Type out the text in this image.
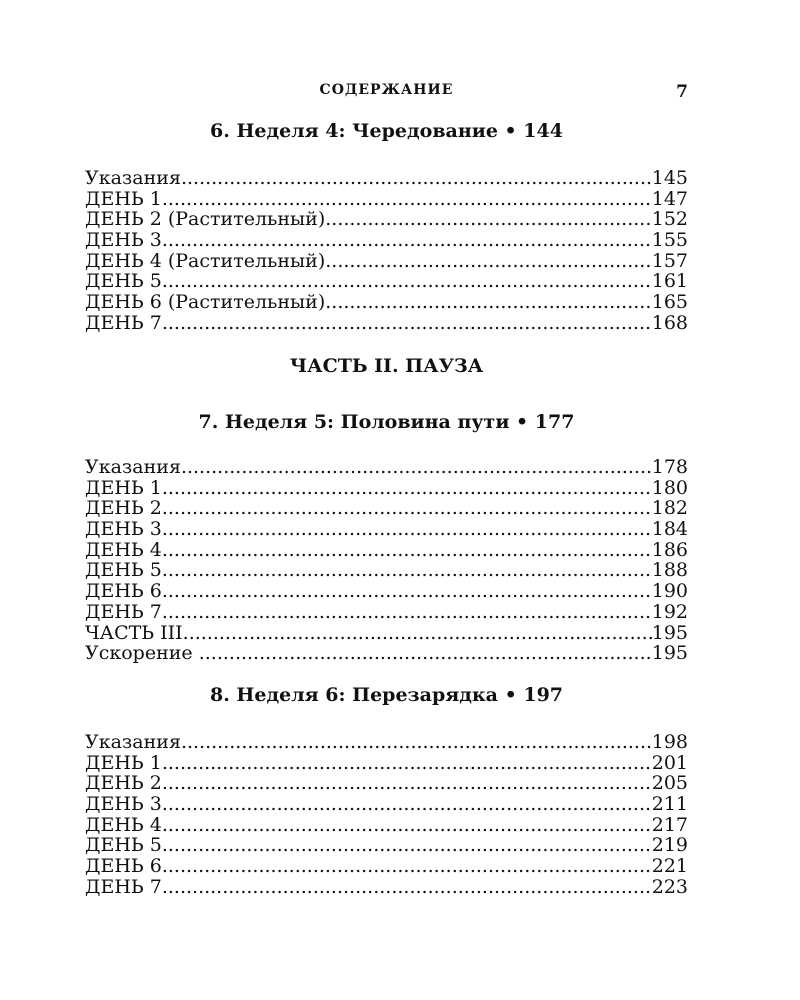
СОДЕРЖАНИЕ	7
6. Неделя 4: Чередование • 144
Указания .....	145
ДЕНЬ 1 .....	147
ДЕНЬ 2 (Растительный) .....	152
ДЕНЬ 3 .....	155
ДЕНЬ 4 (Растительный) .....	157
ДЕНЬ 5 .....	161
ДЕНЬ 6 (Растительный) .....	165
ДЕНЬ 7 .....	168
ЧАСТЬ II. ПАУЗА
7. Неделя 5: Половина пути • 177
Указания .....	178
ДЕНЬ 1 .....	180
ДЕНЬ 2 .....	182
ДЕНЬ 3 .....	184
ДЕНЬ 4 .....	186
ДЕНЬ 5 .....	188
ДЕНЬ 6 .....	190
ДЕНЬ 7 .....	192
ЧАСТЬ III .....	195
Ускорение .....	195
8. Неделя 6: Перезарядка • 197
Указания .....	198
ДЕНЬ 1 .....	201
ДЕНЬ 2 .....	205
ДЕНЬ 3 .....	211
ДЕНЬ 4 .....	217
ДЕНЬ 5 .....	219
ДЕНЬ 6 .....	221
ДЕНЬ 7 .....	223
